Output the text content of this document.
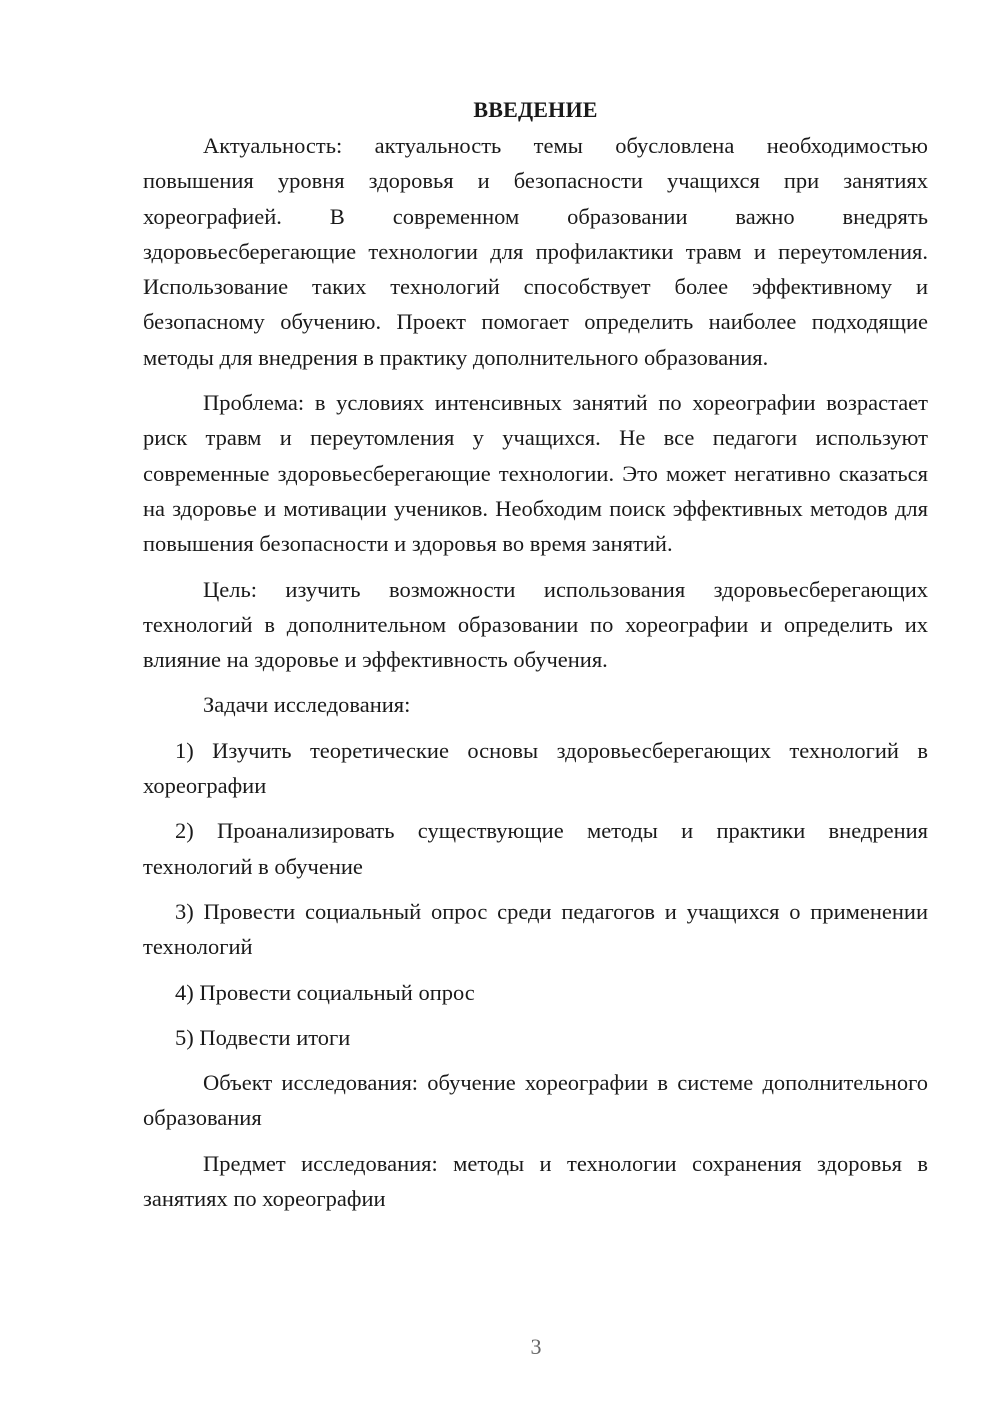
ВВЕДЕНИЕ

Актуальность: актуальность темы обусловлена необходимостью повышения уровня здоровья и безопасности учащихся при занятиях хореографией. В современном образовании важно внедрять здоровьесберегающие технологии для профилактики травм и переутомления. Использование таких технологий способствует более эффективному и безопасному обучению. Проект помогает определить наиболее подходящие методы для внедрения в практику дополнительного образования.

Проблема: в условиях интенсивных занятий по хореографии возрастает риск травм и переутомления у учащихся. Не все педагоги используют современные здоровьесберегающие технологии. Это может негативно сказаться на здоровье и мотивации учеников. Необходим поиск эффективных методов для повышения безопасности и здоровья во время занятий.

Цель: изучить возможности использования здоровьесберегающих технологий в дополнительном образовании по хореографии и определить их влияние на здоровье и эффективность обучения.

Задачи исследования:

1) Изучить теоретические основы здоровьесберегающих технологий в хореографии

2) Проанализировать существующие методы и практики внедрения технологий в обучение

3) Провести социальный опрос среди педагогов и учащихся о применении технологий

4) Провести социальный опрос

5) Подвести итоги

Объект исследования: обучение хореографии в системе дополнительного образования

Предмет исследования: методы и технологии сохранения здоровья в занятиях по хореографии

3
